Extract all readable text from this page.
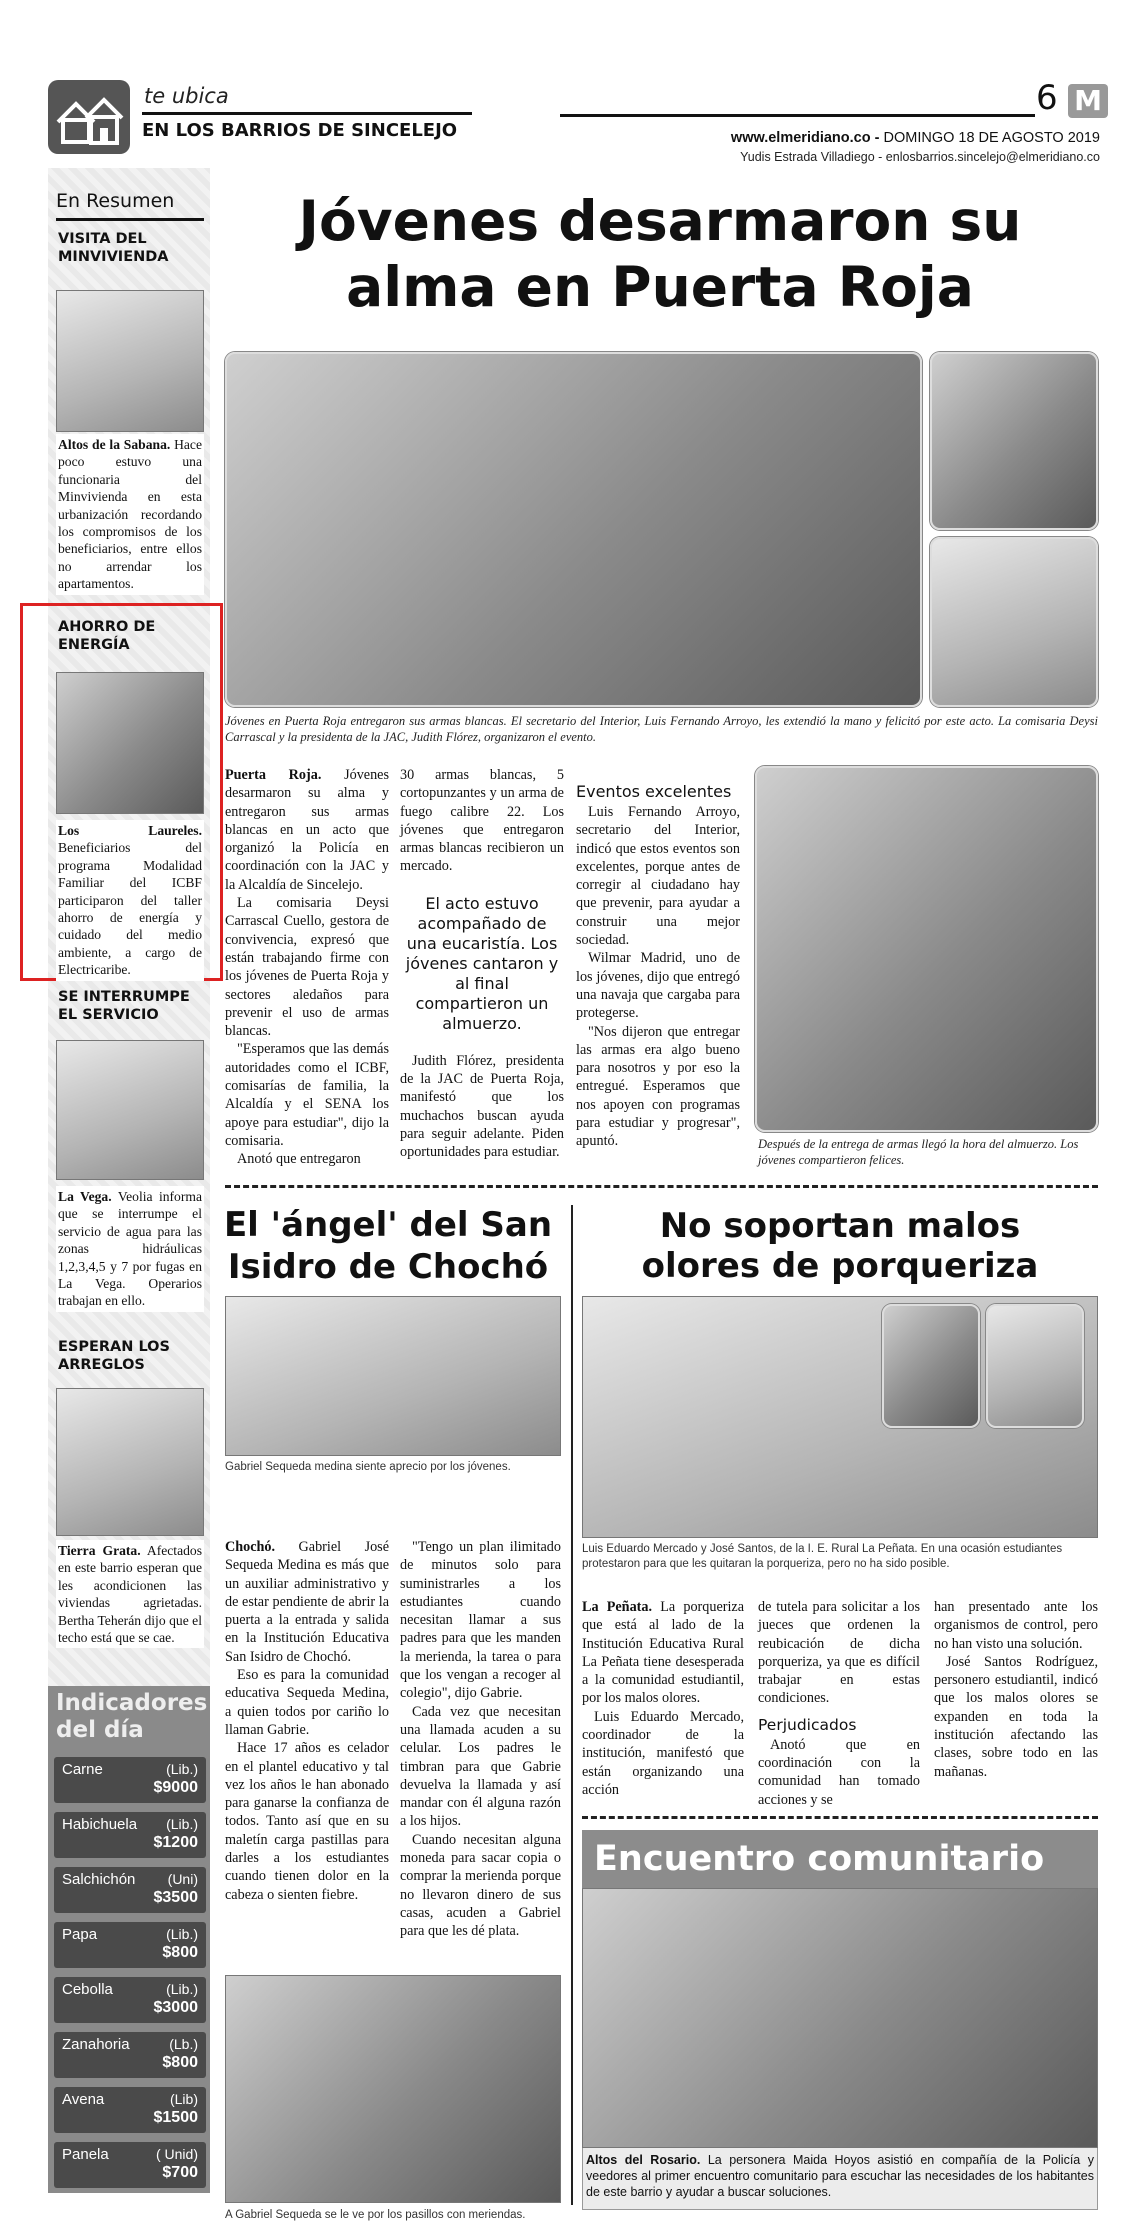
te ubica
EN LOS BARRIOS DE SINCELEJO
6 M
www.elmeridiano.co - DOMINGO 18 DE AGOSTO 2019
Yudis Estrada Villadiego - enlosbarrios.sincelejo@elmeridiano.co
En Resumen
VISITA DEL MINVIVIENDA
Altos de la Sabana. Hace poco estuvo una funcionaria del Minvivienda en esta urbanización recordando los compromisos de los beneficiarios, entre ellos no arrendar los apartamentos.
AHORRO DE ENERGÍA
Los Laureles. Beneficiarios del programa Modalidad Familiar del ICBF participaron del taller ahorro de energía y cuidado del medio ambiente, a cargo de Electricaribe.
SE INTERRUMPE EL SERVICIO
La Vega. Veolia informa que se interrumpe el servicio de agua para las zonas hidráulicas 1,2,3,4,5 y 7 por fugas en La Vega. Operarios trabajan en ello.
ESPERAN LOS ARREGLOS
Tierra Grata. Afectados en este barrio esperan que les acondicionen las viviendas agrietadas. Bertha Teherán dijo que el techo está que se cae.
Indicadores
del día
Carne	(Lib.)
$9000
Habichuela (Lib.)
$1200
Salchichón (Uni)
$3500
Papa	(Lib.)
$800
Cebolla	(Lib.)
$3000
Zanahoria	(Lb.)
$800
Avena	(Lib)
$1500
Panela	( Unid)
$700
Jóvenes desarmaron su
alma en Puerta Roja
Jóvenes en Puerta Roja entregaron sus armas blancas. El secretario del Interior, Luis Fernando Arroyo, les extendió la mano y felicitó por este acto. La comisaria Deysi Carrascal y la presidenta de la JAC, Judith Flórez, organizaron el evento.

Puerta Roja. Jóvenes desarmaron su alma y entregaron sus armas blancas en un acto que organizó la Policía en coordinación con la JAC y la Alcaldía de Sincelejo.

La comisaria Deysi Carrascal Cuello, gestora de convivencia, expresó que están trabajando firme con los jóvenes de Puerta Roja y sectores aledaños para prevenir el uso de armas blancas.

"Esperamos que las demás autoridades como el ICBF, comisarías de familia, la Alcaldía y el SENA los apoye para estudiar", dijo la comisaria.

Anotó que entregaron

30 armas blancas, 5 cortopunzantes y un arma de fuego calibre 22. Los jóvenes que entregaron armas blancas recibieron un mercado.

El acto estuvo acompañado de una eucaristía. Los jóvenes cantaron y al final compartieron un almuerzo.

Judith Flórez, presidenta de la JAC de Puerta Roja, manifestó que los muchachos buscan ayuda para seguir adelante. Piden oportunidades para estudiar.

Eventos excelentes

Luis Fernando Arroyo, secretario del Interior, indicó que estos eventos son excelentes, porque antes de corregir al ciudadano hay que prevenir, para ayudar a construir una mejor sociedad.

Wilmar Madrid, uno de los jóvenes, dijo que entregó una navaja que cargaba para protegerse.

"Nos dijeron que entregar las armas era algo bueno para nosotros y por eso la entregué. Esperamos que nos apoyen con programas para estudiar y progresar", apuntó.	Después de la entrega de armas llegó la hora del almuerzo. Los jóvenes compartieron felices.
El 'ángel' del San
Isidro de Chochó
Gabriel Sequeda medina siente aprecio por los jóvenes.

Chochó. Gabriel José Sequeda Medina es más que un auxiliar administrativo y de estar pendiente de abrir la puerta a la entrada y salida en la Institución Educativa San Isidro de Chochó.

Eso es para la comunidad educativa Sequeda Medina, a quien todos por cariño lo llaman Gabrie.

Hace 17 años es celador en el plantel educativo y tal vez los años le han abonado para ganarse la confianza de todos. Tanto así que en su maletín carga pastillas para darles a los estudiantes cuando tienen dolor en la cabeza o sienten fiebre.

"Tengo un plan ilimitado de minutos solo para suministrarles a los estudiantes cuando necesitan llamar a sus padres para que les manden la merienda, la tarea o para que los vengan a recoger al colegio", dijo Gabrie.

Cada vez que necesitan una llamada acuden a su celular. Los padres le timbran para que Gabrie devuelva la llamada y así mandar con él alguna razón a los hijos.

Cuando necesitan alguna moneda para sacar copia o comprar la merienda porque no llevaron dinero de sus casas, acuden a Gabriel para que les dé plata.

A Gabriel Sequeda se le ve por los pasillos con meriendas.
No soportan malos
olores de porqueriza
Luis Eduardo Mercado y José Santos, de la I. E. Rural La Peñata. En una ocasión estudiantes protestaron para que les quitaran la porqueriza, pero no ha sido posible.

La Peñata. La porqueriza que está al lado de la Institución Educativa Rural La Peñata tiene desesperada a la comunidad estudiantil, por los malos olores.

Luis Eduardo Mercado, coordinador de la institución, manifestó que están organizando una acción

de tutela para solicitar a los jueces que ordenen la reubicación de dicha porqueriza, ya que es difícil trabajar en estas condiciones.

Perjudicados

Anotó que en coordinación con la comunidad han tomado acciones y se

han presentado ante los organismos de control, pero no han visto una solución.

José Santos Rodríguez, personero estudiantil, indicó que los malos olores se expanden en toda la institución afectando las clases, sobre todo en las mañanas.

Encuentro comunitario
Altos del Rosario. La personera Maida Hoyos asistió en compañía de la Policía y veedores al primer encuentro comunitario para escuchar las necesidades de los habitantes de este barrio y ayudar a buscar soluciones.
